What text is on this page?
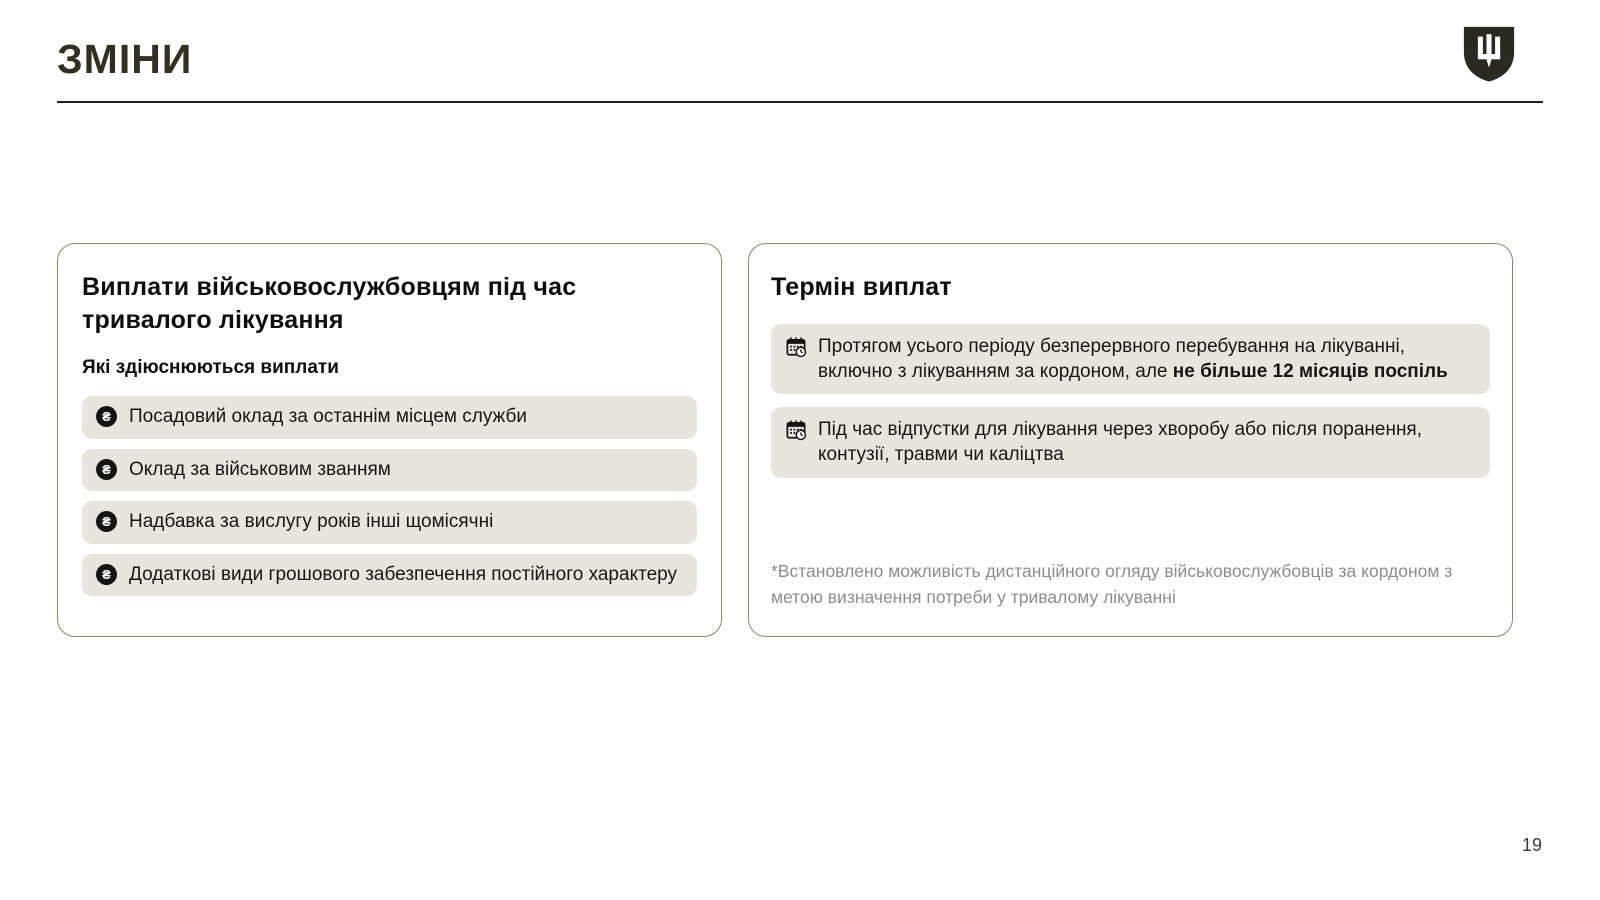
ЗМІНИ
Виплати військовослужбовцям під час тривалого лікування
Які здіюснюються виплати
₴ Посадовий оклад за останнім місцем служби
₴ Оклад за військовим званням
₴ Надбавка за вислугу років інші щомісячні
₴ Додаткові види грошового забезпечення постійного характеру
Термін виплат
Протягом усього періоду безперервного перебування на лікуванні, включно з лікуванням за кордоном, але не більше 12 місяців поспіль
Під час відпустки для лікування через хворобу або після поранення, контузії, травми чи каліцтва
*Встановлено можливість дистанційного огляду військовослужбовців за кордоном з метою визначення потреби у тривалому лікуванні
19
